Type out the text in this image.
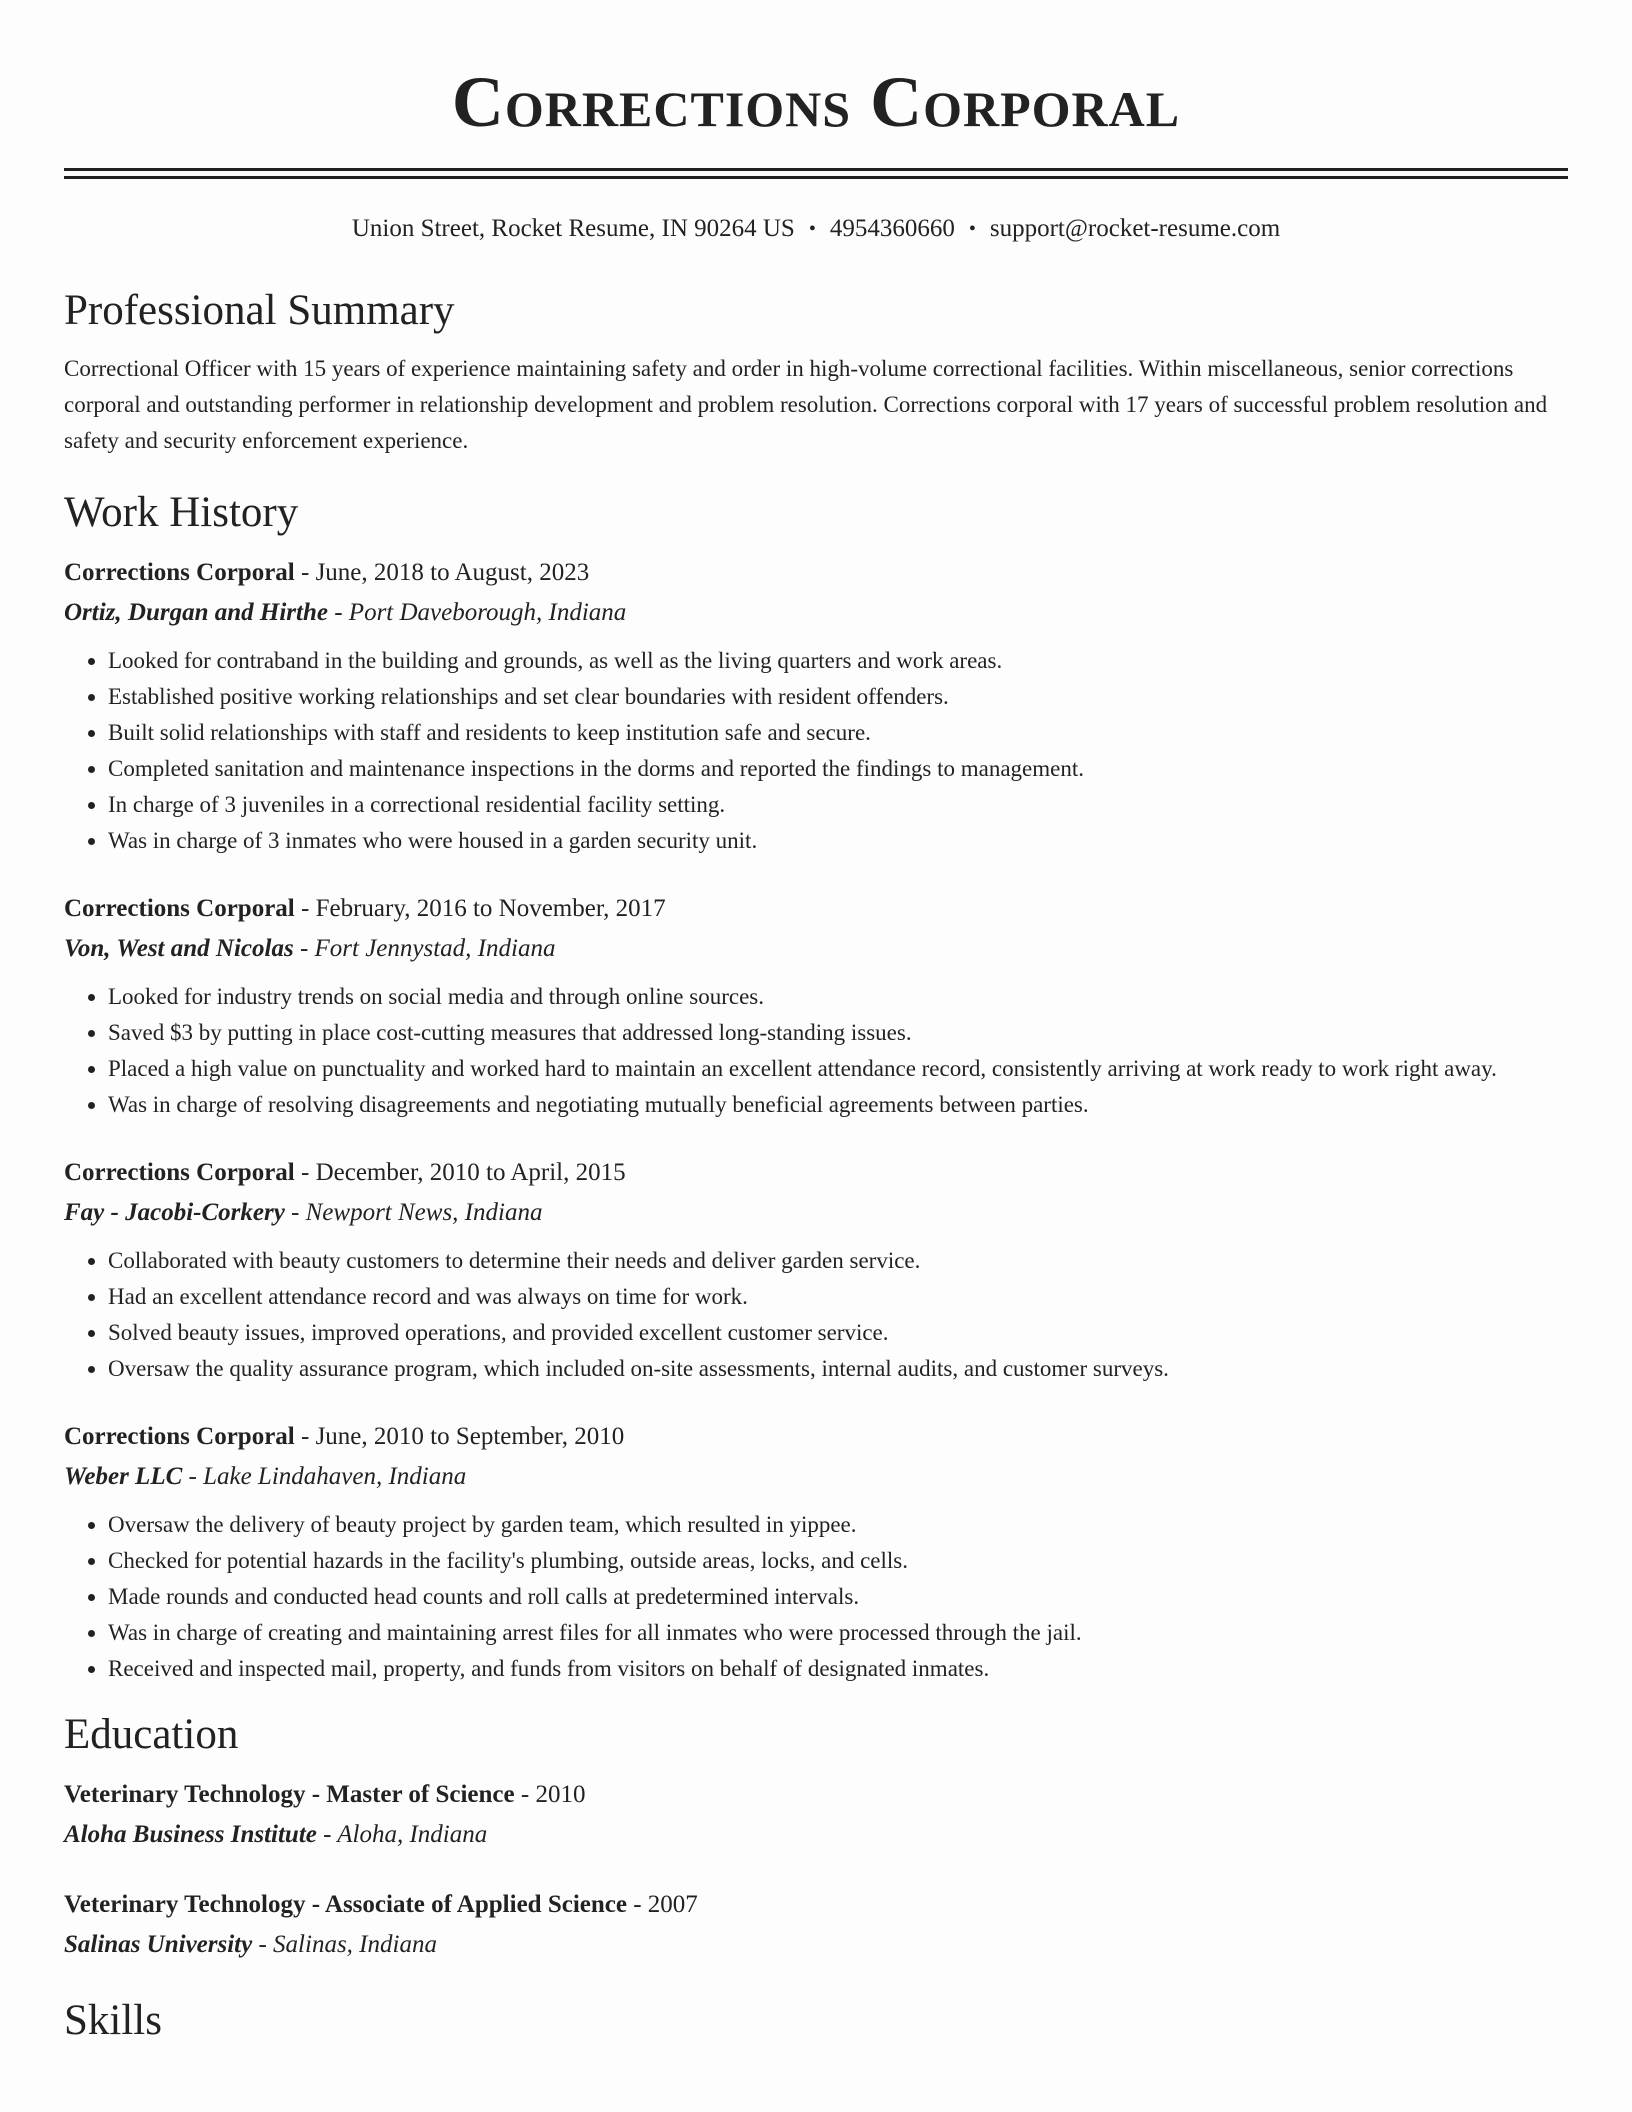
Corrections Corporal
Union Street, Rocket Resume, IN 90264 US • 4954360660 • support@rocket-resume.com
Professional Summary
Correctional Officer with 15 years of experience maintaining safety and order in high-volume correctional facilities. Within miscellaneous, senior corrections corporal and outstanding performer in relationship development and problem resolution. Corrections corporal with 17 years of successful problem resolution and safety and security enforcement experience.
Work History
Corrections Corporal - June, 2018 to August, 2023
Ortiz, Durgan and Hirthe - Port Daveborough, Indiana
• Looked for contraband in the building and grounds, as well as the living quarters and work areas.
• Established positive working relationships and set clear boundaries with resident offenders.
• Built solid relationships with staff and residents to keep institution safe and secure.
• Completed sanitation and maintenance inspections in the dorms and reported the findings to management.
• In charge of 3 juveniles in a correctional residential facility setting.
• Was in charge of 3 inmates who were housed in a garden security unit.
Corrections Corporal - February, 2016 to November, 2017
Von, West and Nicolas - Fort Jennystad, Indiana
• Looked for industry trends on social media and through online sources.
• Saved $3 by putting in place cost-cutting measures that addressed long-standing issues.
• Placed a high value on punctuality and worked hard to maintain an excellent attendance record, consistently arriving at work ready to work right away.
• Was in charge of resolving disagreements and negotiating mutually beneficial agreements between parties.
Corrections Corporal - December, 2010 to April, 2015
Fay - Jacobi-Corkery - Newport News, Indiana
• Collaborated with beauty customers to determine their needs and deliver garden service.
• Had an excellent attendance record and was always on time for work.
• Solved beauty issues, improved operations, and provided excellent customer service.
• Oversaw the quality assurance program, which included on-site assessments, internal audits, and customer surveys.
Corrections Corporal - June, 2010 to September, 2010
Weber LLC - Lake Lindahaven, Indiana
• Oversaw the delivery of beauty project by garden team, which resulted in yippee.
• Checked for potential hazards in the facility's plumbing, outside areas, locks, and cells.
• Made rounds and conducted head counts and roll calls at predetermined intervals.
• Was in charge of creating and maintaining arrest files for all inmates who were processed through the jail.
• Received and inspected mail, property, and funds from visitors on behalf of designated inmates.
Education
Veterinary Technology - Master of Science - 2010
Aloha Business Institute - Aloha, Indiana
Veterinary Technology - Associate of Applied Science - 2007
Salinas University - Salinas, Indiana
Skills
